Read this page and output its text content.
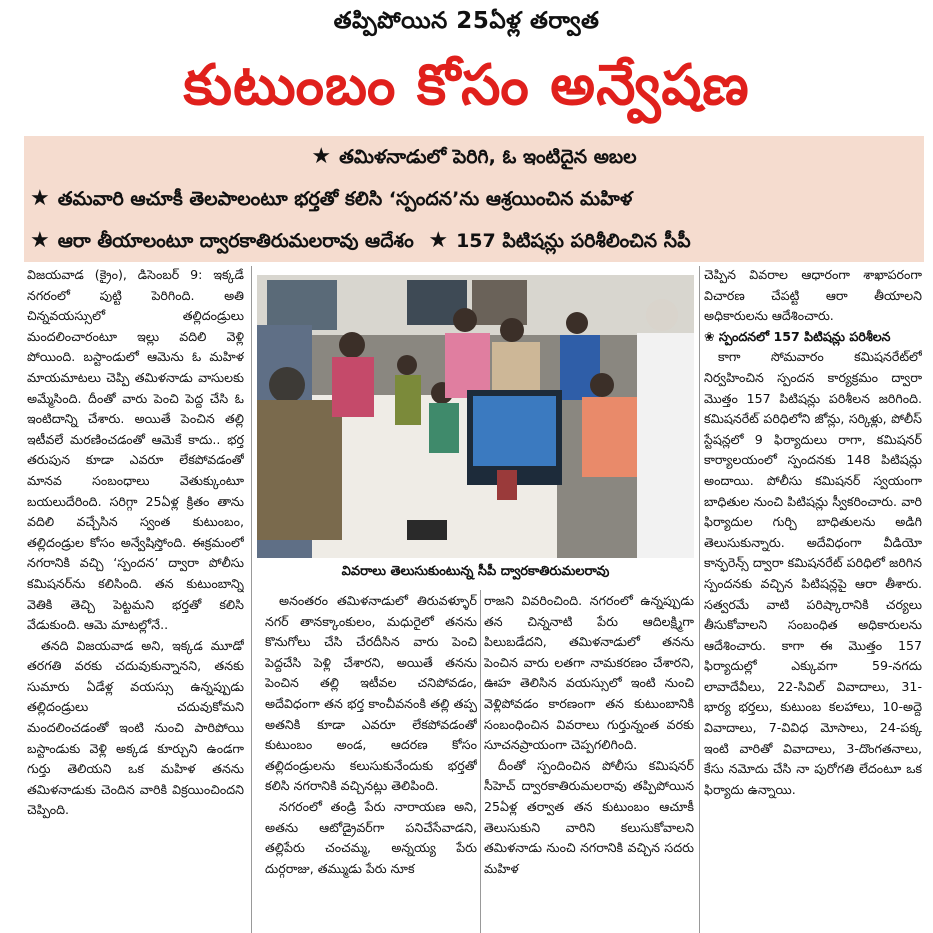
తప్పిపోయిన 25ఏళ్ల తర్వాత
కుటుంబం కోసం అన్వేషణ
★ తమిళనాడులో పెరిగి, ఓ ఇంటిదైన అబల
★ తమవారి ఆచూకీ తెలపాలంటూ భర్తతో కలిసి ‘స్పందన’ను ఆశ్రయించిన మహిళ
★ ఆరా తీయాలంటూ ద్వారకాతిరుమలరావు ఆదేశం ★ 157 పిటిషన్లు పరిశీలించిన సీపీ

విజయవాడ (క్రైం), డిసెంబర్ 9: ఇక్కడే నగరంలో పుట్టి పెరిగింది. అతి చిన్నవయస్సులో తల్లిదండ్రులు మందలించారంటూ ఇల్లు వదిలి వెళ్లి పోయింది. బస్టాండులో ఆమెను ఓ మహిళ మాయమాటలు చెప్పి తమిళనాడు వాసులకు అమ్మేసింది. దీంతో వారు పెంచి పెద్ద చేసి ఓ ఇంటిదాన్ని చేశారు. అయితే పెంచిన తల్లి ఇటీవలే మరణించడంతో ఆమెకే కాదు.. భర్త తరుపున కూడా ఎవరూ లేకపోవడంతో మానవ సంబంధాలు వెతుక్కుంటూ బయలుదేరింది. సరిగ్గా 25ఏళ్ల క్రితం తాను వదిలి వచ్చేసిన స్వంత కుటుంబం, తల్లిదండ్రుల కోసం అన్వేషిస్తోంది. ఈక్రమంలో నగరానికి వచ్చి ‘స్పందన’ ద్వారా పోలీసు కమిషనర్‌ను కలిసింది. తన కుటుంబాన్ని వెతికి తెచ్చి పెట్టమని భర్తతో కలిసి వేడుకుంది. ఆమె మాటల్లోనే..

తనది విజయవాడ అని, ఇక్కడ మూడో తరగతి వరకు చదువుకున్నానని, తనకు సుమారు ఏడేళ్ల వయస్సు ఉన్నప్పుడు తల్లిదండ్రులు చదువుకోమని మందలించడంతో ఇంటి నుంచి పారిపోయి బస్టాండుకు వెళ్లి అక్కడ కూర్చుని ఉండగా గుర్తు తెలియని ఒక మహిళ తనను తమిళనాడుకు చెందిన వారికి విక్రయించిందని చెప్పింది.

వివరాలు తెలుసుకుంటున్న సీపీ ద్వారకాతిరుమలరావు

అనంతరం తమిళనాడులో తిరువళ్ళూర్ నగర్ తానక్కాంకులం, మధురైలో తనను కొనుగోలు చేసి చేరదీసిన వారు పెంచి పెద్దచేసి పెళ్లి చేశారని, అయితే తనను పెంచిన తల్లి ఇటీవల చనిపోవడం, అదేవిధంగా తన భర్త కాంచీవనంకి తల్లి తప్ప అతనికి కూడా ఎవరూ లేకపోవడంతో కుటుంబం అండ, ఆదరణ కోసం తల్లిదండ్రులను కలుసుకునేందుకు భర్తతో కలిసి నగరానికి వచ్చినట్లు తెలిపింది.

నగరంలో తండ్రి పేరు నారాయణ అని, అతను ఆటోడ్రైవర్‌గా పనిచేసేవాడని, తల్లిపేరు చంచమ్మ, అన్నయ్య పేరు దుర్గరాజు, తమ్ముడు పేరు నూక

రాజని వివరించింది. నగరంలో ఉన్నప్పుడు తన చిన్ననాటి పేరు ఆదిలక్ష్మిగా పిలుబడేదని, తమిళనాడులో తనను పెంచిన వారు లతగా నామకరణం చేశారని, ఊహ తెలిసిన వయస్సులో ఇంటి నుంచి వెళ్లిపోవడం కారణంగా తన కుటుంబానికి సంబంధించిన వివరాలు గుర్తున్నంత వరకు సూచనప్రాయంగా చెప్పగలిగింది.

దీంతో స్పందించిన పోలీసు కమిషనర్ సీహెచ్ ద్వారకాతిరుమలరావు తప్పిపోయిన 25ఏళ్ల తర్వాత తన కుటుంబం ఆచూకీ తెలుసుకుని వారిని కలుసుకోవాలని తమిళనాడు నుంచి నగరానికి వచ్చిన సదరు మహిళ

చెప్పిన వివరాల ఆధారంగా శాఖాపరంగా విచారణ చేపట్టి ఆరా తీయాలని అధికారులను ఆదేశించారు.

❀ స్పందనలో 157 పిటిషన్లు పరిశీలన

కాగా సోమవారం కమిషనరేట్‌లో నిర్వహించిన స్పందన కార్యక్రమం ద్వారా మొత్తం 157 పిటిషన్లు పరిశీలన జరిగింది. కమిషనరేట్ పరిధిలోని జోన్లు, సర్కిళ్లు, పోలీస్ స్టేషన్లలో 9 ఫిర్యాదులు రాగా, కమిషనర్ కార్యాలయంలో స్పందనకు 148 పిటిషన్లు అందాయి. పోలీసు కమిషనర్ స్వయంగా బాధితుల నుంచి పిటిషన్లు స్వీకరించారు. వారి ఫిర్యాదుల గుర్చి బాధితులను అడిగి తెలుసుకున్నారు. అదేవిధంగా వీడియో కాన్ఫరెన్స్ ద్వారా కమిషనరేట్ పరిధిలో జరిగిన స్పందనకు వచ్చిన పిటిషన్లపై ఆరా తీశారు. సత్వరమే వాటి పరిష్కారానికి చర్యలు తీసుకోవాలని సంబంధిత అధికారులను ఆదేశించారు. కాగా ఈ మొత్తం 157 ఫిర్యాదుల్లో ఎక్కువగా 59-నగదు లావాదేవీలు, 22-సివిల్ వివాదాలు, 31-భార్య భర్తలు, కుటుంబ కలహాలు, 10-అద్దె వివాదాలు, 7-వివిధ మోసాలు, 24-పక్క ఇంటి వారితో వివాదాలు, 3-దొంగతనాలు, కేసు నమోదు చేసి నా పురోగతి లేదంటూ ఒక ఫిర్యాదు ఉన్నాయి.
